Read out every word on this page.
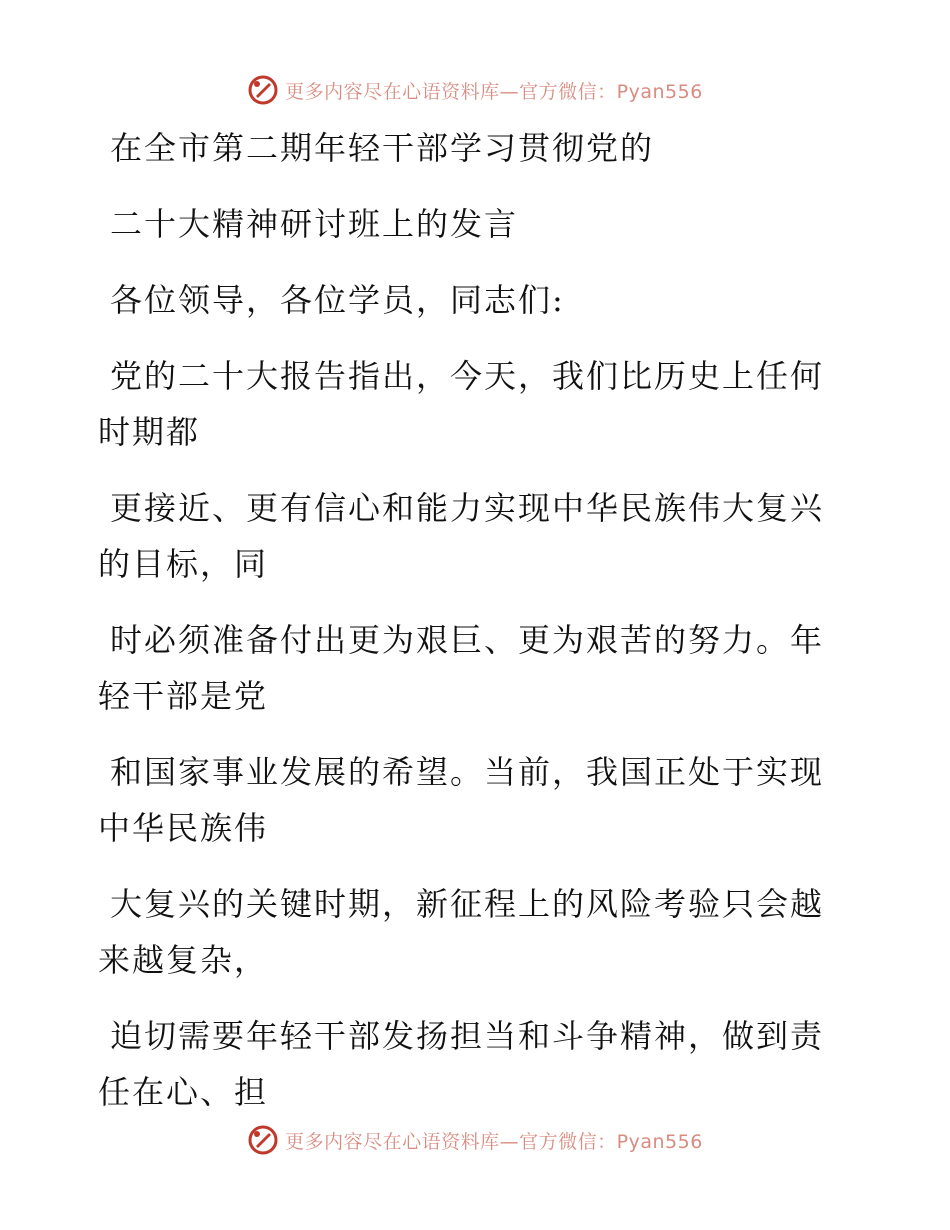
更多内容尽在心语资料库—官方微信：Pyan556

在全市第二期年轻干部学习贯彻党的

二十大精神研讨班上的发言

各位领导，各位学员，同志们:

党的二十大报告指出，今天，我们比历史上任何时期都

更接近、更有信心和能力实现中华民族伟大复兴的目标，同

时必须准备付出更为艰巨、更为艰苦的努力。年轻干部是党

和国家事业发展的希望。当前，我国正处于实现中华民族伟

大复兴的关键时期，新征程上的风险考验只会越来越复杂，

迫切需要年轻干部发扬担当和斗争精神，做到责任在心、担

更多内容尽在心语资料库—官方微信：Pyan556
